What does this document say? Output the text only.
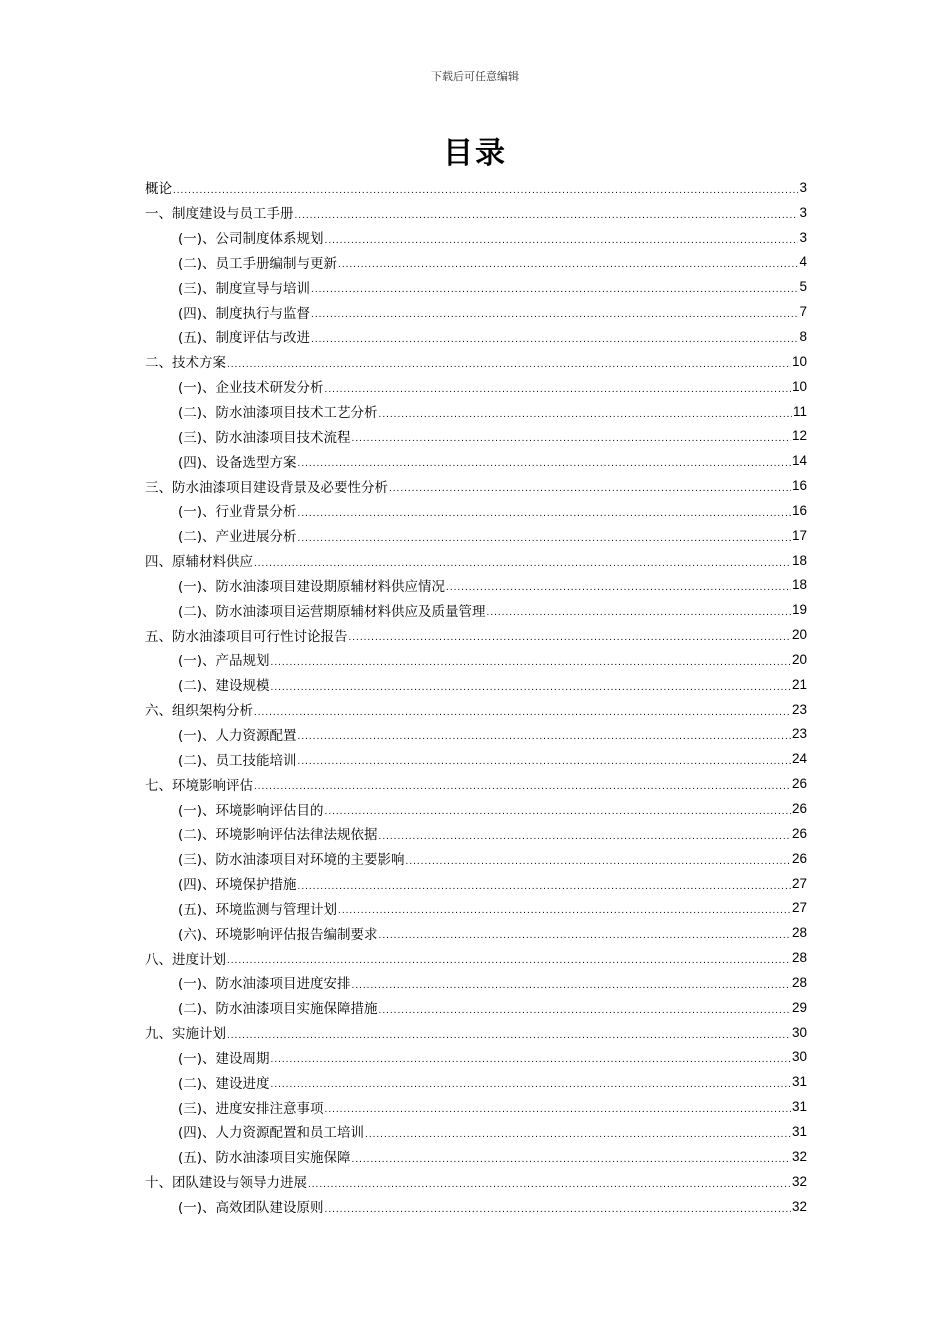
下载后可任意编辑
目录
概论 .....	3
一、制度建设与员工手册 .....	3
(一)、公司制度体系规划 .....	3
(二)、员工手册编制与更新 .....	4
(三)、制度宣导与培训 .....	5
(四)、制度执行与监督 .....	7
(五)、制度评估与改进 .....	8
二、技术方案 .....	10
(一)、企业技术研发分析 .....	10
(二)、防水油漆项目技术工艺分析 .....	11
(三)、防水油漆项目技术流程 .....	12
(四)、设备选型方案 .....	14
三、防水油漆项目建设背景及必要性分析 .....	16
(一)、行业背景分析 .....	16
(二)、产业进展分析 .....	17
四、原辅材料供应 .....	18
(一)、防水油漆项目建设期原辅材料供应情况 .....	18
(二)、防水油漆项目运营期原辅材料供应及质量管理 .....	19
五、防水油漆项目可行性讨论报告 .....	20
(一)、产品规划 .....	20
(二)、建设规模 .....	21
六、组织架构分析 .....	23
(一)、人力资源配置 .....	23
(二)、员工技能培训 .....	24
七、环境影响评估 .....	26
(一)、环境影响评估目的 .....	26
(二)、环境影响评估法律法规依据 .....	26
(三)、防水油漆项目对环境的主要影响 .....	26
(四)、环境保护措施 .....	27
(五)、环境监测与管理计划 .....	27
(六)、环境影响评估报告编制要求 .....	28
八、进度计划 .....	28
(一)、防水油漆项目进度安排 .....	28
(二)、防水油漆项目实施保障措施 .....	29
九、实施计划 .....	30
(一)、建设周期 .....	30
(二)、建设进度 .....	31
(三)、进度安排注意事项 .....	31
(四)、人力资源配置和员工培训 .....	31
(五)、防水油漆项目实施保障 .....	32
十、团队建设与领导力进展 .....	32
(一)、高效团队建设原则 .....	32
